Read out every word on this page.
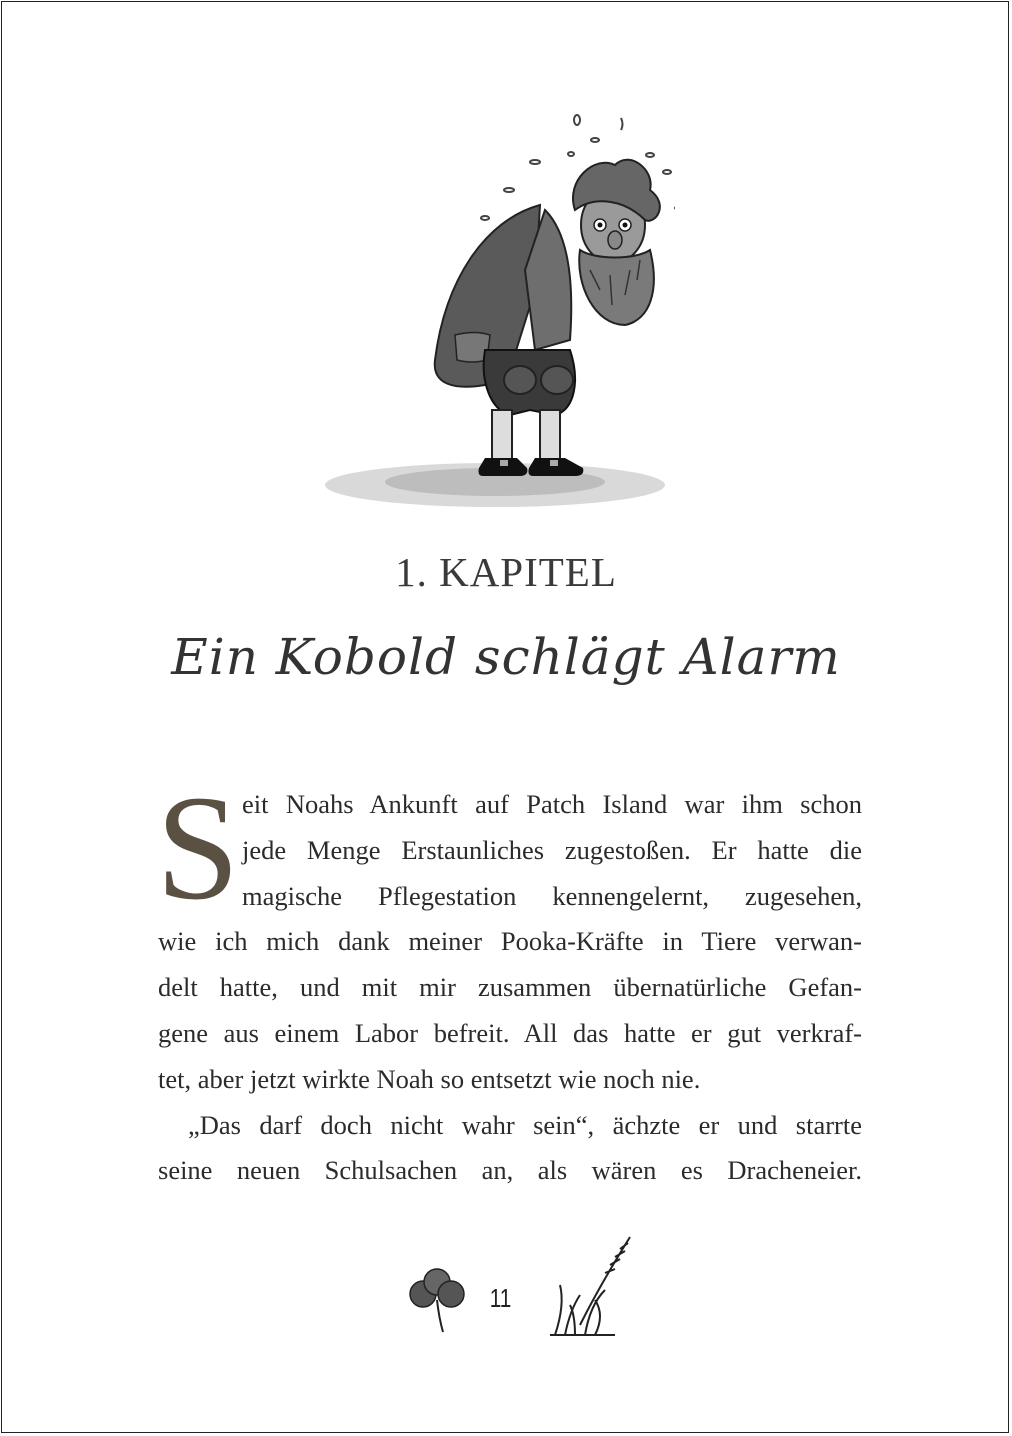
1. KAPITEL
Ein Kobold schlägt Alarm
S eit Noahs Ankunft auf Patch Island war ihm schon
jede Menge Erstaunliches zugestoßen. Er hatte die
magische Pflegestation kennengelernt, zugesehen,
wie ich mich dank meiner Pooka-Kräfte in Tiere verwan-
delt hatte, und mit mir zusammen übernatürliche Gefan-
gene aus einem Labor befreit. All das hatte er gut verkraf-
tet, aber jetzt wirkte Noah so entsetzt wie noch nie.
„Das darf doch nicht wahr sein“, ächzte er und starrte
seine neuen Schulsachen an, als wären es Dracheneier.
11
